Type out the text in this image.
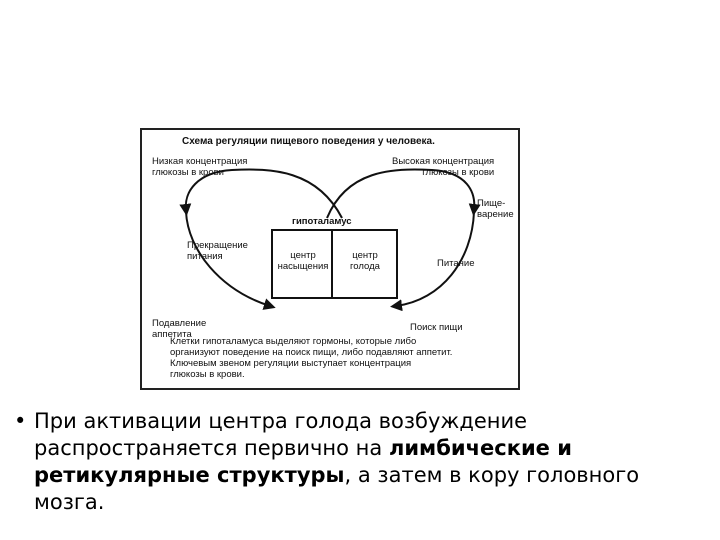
Схема регуляции пищевого поведения у человека.
Низкая концентрация
глюкозы в крови
Высокая концентрация
глюкозы в крови
Пище-
варение
гипоталамус
Прекращение
питания	центр
насыщения
центр
голода	Питание
Подавление
аппетита
Поиск пищи
Клетки гипоталамуса выделяют гормоны, которые либо
организуют поведение на поиск пищи, либо подавляют аппетит.
Ключевым звеном регуляции выступает концентрация
глюкозы в крови.
• При активации центра голода возбуждение распространяется первично на лимбические и ретикулярные структуры, а затем в кору головного мозга.
